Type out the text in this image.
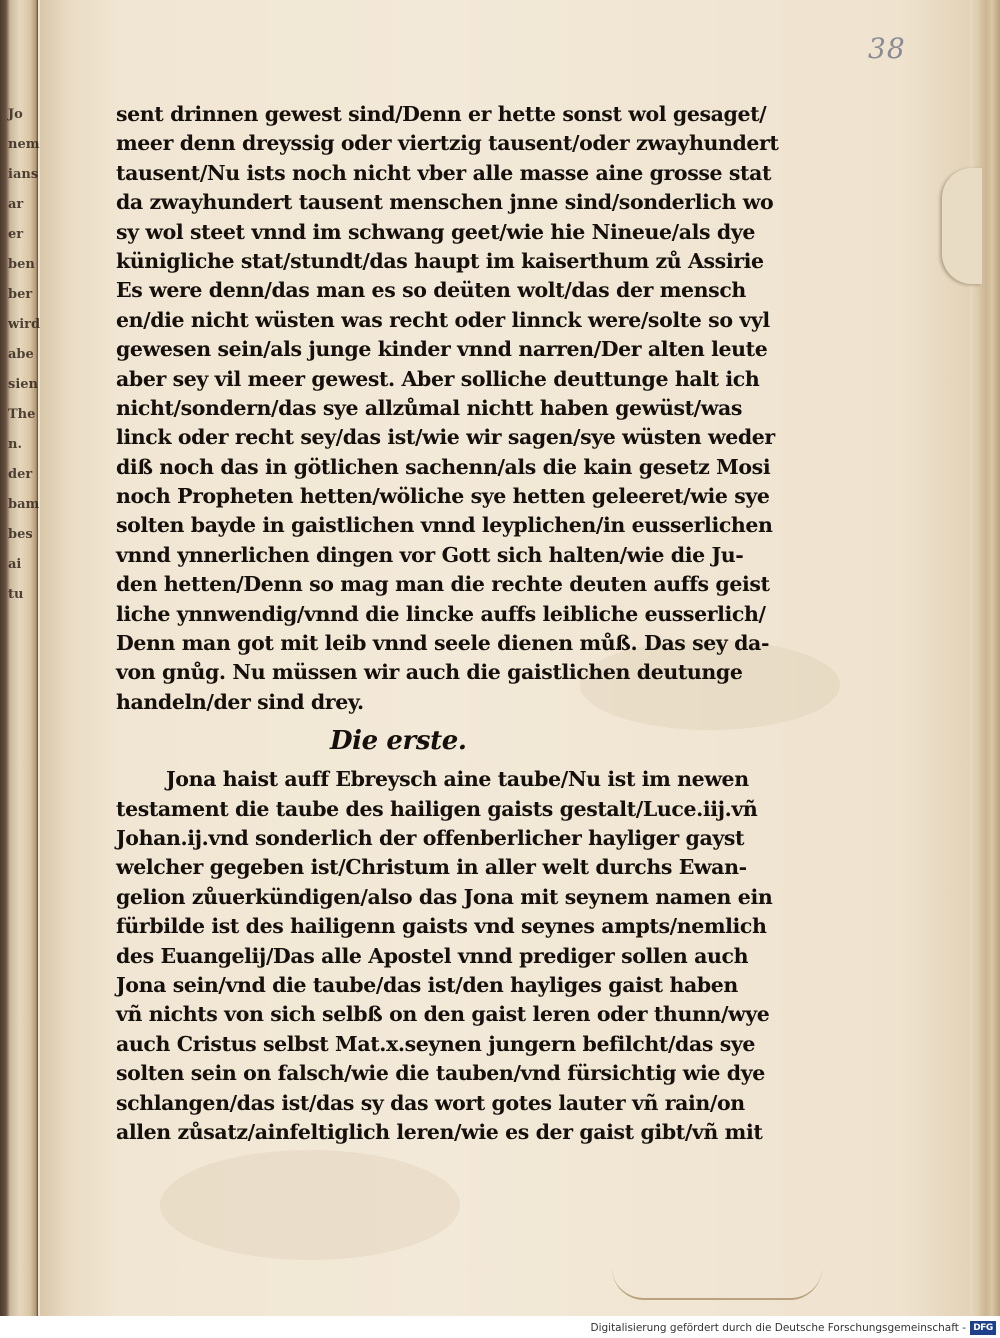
Jo
nem
ians
ar
er
ben
ber
wird
abe
sien
The
n.
der
bam
bes
ai
tu
38
sent drinnen gewest sind/Denn er hette sonst wol gesaget/
meer denn dreyssig oder viertzig tausent/oder zwayhundert
tausent/Nu ists noch nicht vber alle masse aine grosse stat
da zwayhundert tausent menschen jnne sind/sonderlich wo
sy wol steet vnnd im schwang geet/wie hie Nineue/als dye
künigliche stat/stundt/das haupt im kaiserthum zů Assirie
Es were denn/das man es so deüten wolt/das der mensch
en/die nicht wüsten was recht oder linnck were/solte so vyl
gewesen sein/als junge kinder vnnd narren/Der alten leute
aber sey vil meer gewest. Aber solliche deuttunge halt ich
nicht/sondern/das sye allzůmal nichtt haben gewüst/was
linck oder recht sey/das ist/wie wir sagen/sye wüsten weder
diß noch das in götlichen sachenn/als die kain gesetz Mosi
noch Propheten hetten/wöliche sye hetten geleeret/wie sye
solten bayde in gaistlichen vnnd leyplichen/in eusserlichen
vnnd ynnerlichen dingen vor Gott sich halten/wie die Ju-
den hetten/Denn so mag man die rechte deuten auffs geist
liche ynnwendig/vnnd die lincke auffs leibliche eusserlich/
Denn man got mit leib vnnd seele dienen můß. Das sey da-
von gnůg. Nu müssen wir auch die gaistlichen deutunge
handeln/der sind drey.
Die erste.
Jona haist auff Ebreysch aine taube/Nu ist im newen
testament die taube des hailigen gaists gestalt/Luce.iij.vñ
Johan.ij.vnd sonderlich der offenberlicher hayliger gayst
welcher gegeben ist/Christum in aller welt durchs Ewan-
gelion zůuerkündigen/also das Jona mit seynem namen ein
fürbilde ist des hailigenn gaists vnd seynes ampts/nemlich
des Euangelij/Das alle Apostel vnnd prediger sollen auch
Jona sein/vnd die taube/das ist/den hayliges gaist haben
vñ nichts von sich selbß on den gaist leren oder thunn/wye
auch Cristus selbst Mat.x.seynen jungern befilcht/das sye
solten sein on falsch/wie die tauben/vnd fürsichtig wie dye
schlangen/das ist/das sy das wort gotes lauter vñ rain/on
allen zůsatz/ainfeltiglich leren/wie es der gaist gibt/vñ mit
Digitalisierung gefördert durch die Deutsche Forschungsgemeinschaft - DFG
